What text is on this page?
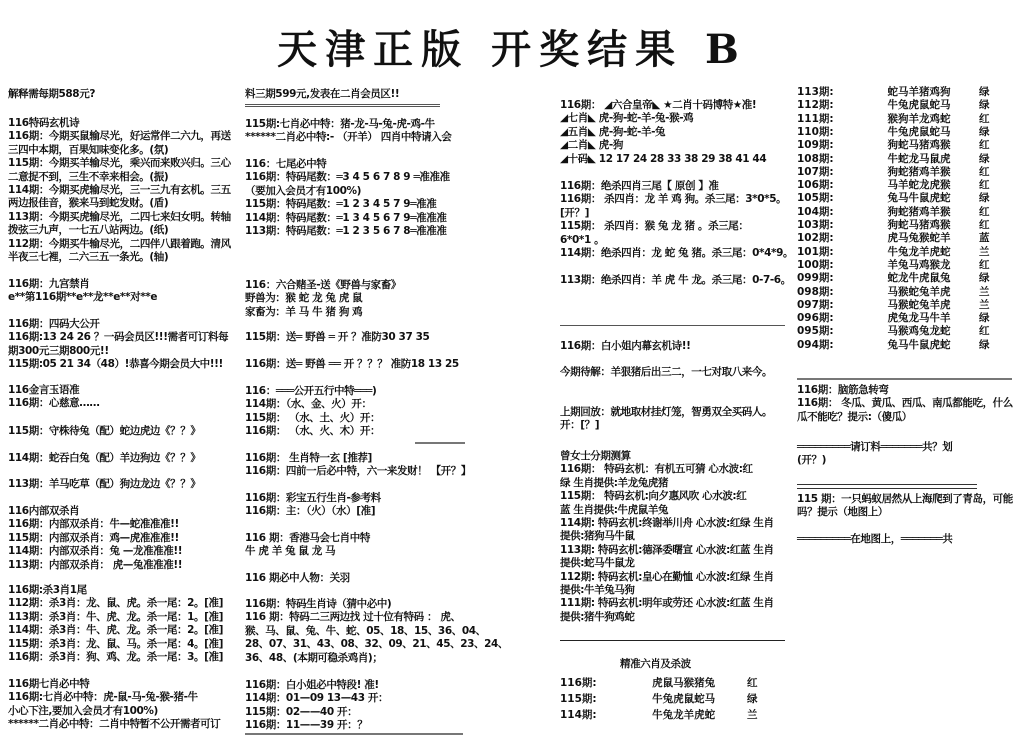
天津正版 开奖结果 B
解释需每期588元?
116特码玄机诗
116期：今期买鼠输尽光，好运常伴二六九，再送
三四中本期，百果知味变化多。(氛)
115期：今期买羊输尽光，乘兴而来败兴归。三心
二意捉不到，三生不幸来相会。(振)
114期：今期买虎输尽光，三一三九有玄机。三五
两边报佳音，猴来马到蛇发财。(盾)
113期：今期买虎输尽光，二四七来妇女明。转轴
拨弦三九声，一七五八站两边。(纸)
112期：今期买牛输尽光，二四伴八跟着跑。清风
半夜三七裡，二六三五一条光。(轴)
116期：九宫禁肖
e**第116期**e**龙**e**对**e
116期：四码大公开
116期:13 24 26 ？一码会员区!!!需者可订料每
期300元三期800元!!
115期:05 21 34（48）!恭喜今期会员大中!!!
116金言玉语准
116期：心慈意……
115期：守株待兔（配）蛇边虎边《？？》
114期：蛇吞白兔（配）羊边狗边《？？》
113期：羊马吃草（配）狗边龙边《？？》
116内部双杀肖
116期：内部双杀肖：牛—蛇准准准!!
115期：内部双杀肖：鸡—虎准准准!!
114期：内部双杀肖：兔 —龙准准准!!
113期：内部双杀肖： 虎—兔准准准!!
116期:杀3肖1尾
112期：杀3肖：龙、鼠、虎。杀一尾：2。[准]
113期：杀3肖：牛、虎、龙。杀一尾：1。[准]
114期：杀3肖：牛、虎、龙。杀一尾：2。[准]
115期：杀3肖：龙、鼠、马。杀一尾：4。[准]
116期：杀3肖：狗、鸡、龙。杀一尾：3。[准]
116期七肖必中特
116期:七肖必中特：虎-鼠-马-兔-猴-猪-牛
小心下注,要加入会员才有100%)
******二肖必中特：二肖中特暂不公开需者可订
料三期599元,发表在二肖会员区!!
115期:七肖必中特：猪-龙-马-兔-虎-鸡-牛
******二肖必中特:- （开羊） 四肖中特请入会
116：七尾必中特
116期：特码尾数：═3 4 5 6 7 8 9 ═准准准
（要加入会员才有100%)
115期：特码尾数：═1 2 3 4 5 7 9═准准
114期：特码尾数：═1 3 4 5 6 7 9═准准准
113期：特码尾数：═1 2 3 5 6 7 8═准准准
116：六合赌圣-送《野兽与家畜》
野兽为：猴 蛇 龙 兔 虎 鼠
家畜为：羊 马 牛 猪 狗 鸡
115期：送═ 野兽 ═ 开 ？准防30 37 35
116期：送═ 野兽 ══ 开 ？？？ 准防18 13 25
116：═══公开五行中特═══)
114期：（水、金、火）开：
115期： （水、土、火）开：
116期： （水、火、木）开：
116期： 生肖特一玄 [推荐]
116期：四前一后必中特，六一来发财！ 【开？】
116期：彩宝五行生肖-参考料
116期：主：（火）（水）[准]
116 期：香港马会七肖中特
牛 虎 羊 兔 鼠 龙 马
116 期必中人物：关羽
116期：特码生肖诗（猜中必中)
116 期：特码二三两边找 过十位有特码 ： 虎、
猴、马、鼠、兔、牛、蛇、05、18、15、36、04、
28、07、31、43、08、32、09、21、45、23、24、
36、48、(本期可稳杀鸡肖)；
116期：白小姐必中特段! 准!
114期：01—09 13—43 开：
115期：02——40 开：
116期：11——39 开：？
116期： ◢六合皇帝◣ ★二肖十码博特★准!
◢七肖◣ 虎-狗-蛇-羊-兔-猴-鸡
◢五肖◣ 虎-狗-蛇-羊-兔
◢二肖◣ 虎-狗
◢十码◣ 12 17 24 28 33 38 29 38 41 44
116期：绝杀四肖三尾【 原创 】准
116期： 杀四肖：龙 羊 鸡 狗。杀三尾：3*0*5。
[开？]
115期： 杀四肖：猴 兔 龙 猪 。杀三尾：
6*0*1 。
114期：绝杀四肖：龙 蛇 兔 猪。杀三尾：0*4*9。
113期：绝杀四肖：羊 虎 牛 龙。杀三尾：0-7-6。
116期：白小姐内幕玄机诗!!
今期待解：羊狠猪后出三二，一七对取八来今。
上期回放：就地取材挂灯笼，智勇双全买码人。
开：[？]
曾女士分期测算
116期： 特码玄机：有机五可猜 心水波:红
绿 生肖提供:羊龙兔虎猪
115期： 特码玄机:向夕惠风吹 心水波:红
蓝 生肖提供:牛虎鼠羊兔
114期: 特码玄机:终谢举川舟 心水波:红绿 生肖
提供:猪狗马牛鼠
113期: 特码玄机:德泽委曙宣 心水波:红蓝 生肖
提供:蛇马牛鼠龙
112期: 特码玄机:皇心在勤恤 心水波:红绿 生肖
提供:牛羊兔马狗
111期: 特码玄机:明年或劳还 心水波:红蓝 生肖
提供:猪牛狗鸡蛇
精准六肖及杀波
116期:	虎鼠马猴猪兔	红
115期:	牛兔虎鼠蛇马	绿
114期:	牛兔龙羊虎蛇	兰
113期:	蛇马羊猪鸡狗	绿
112期:	牛兔虎鼠蛇马	绿
111期:	猴狗羊龙鸡蛇	红
110期:	牛兔虎鼠蛇马	绿
109期:	狗蛇马猪鸡猴	红
108期:	牛蛇龙马鼠虎	绿
107期:	狗蛇猪鸡羊猴	红
106期:	马羊蛇龙虎猴	红
105期:	兔马牛鼠虎蛇	绿
104期:	狗蛇猪鸡羊猴	红
103期:	狗蛇马猪鸡猴	红
102期:	虎马兔猴蛇羊	蓝
101期:	牛兔龙羊虎蛇	兰
100期:	羊兔马鸡猴龙	红
099期:	蛇龙牛虎鼠兔	绿
098期:	马猴蛇兔羊虎	兰
097期:	马猴蛇兔羊虎	兰
096期:	虎兔龙马牛羊	绿
095期:	马猴鸡兔龙蛇	红
094期:	兔马牛鼠虎蛇	绿
116期：脑筋急转弯
116期： 冬瓜、黄瓜、西瓜、南瓜都能吃，什么
瓜不能吃？提示:（傻瓜）
═════════请订料═══════共？划
(开？)
115 期：一只蚂蚁居然从上海爬到了青岛，可能
吗？提示（地图上）
═════════在地图上，═══════共
